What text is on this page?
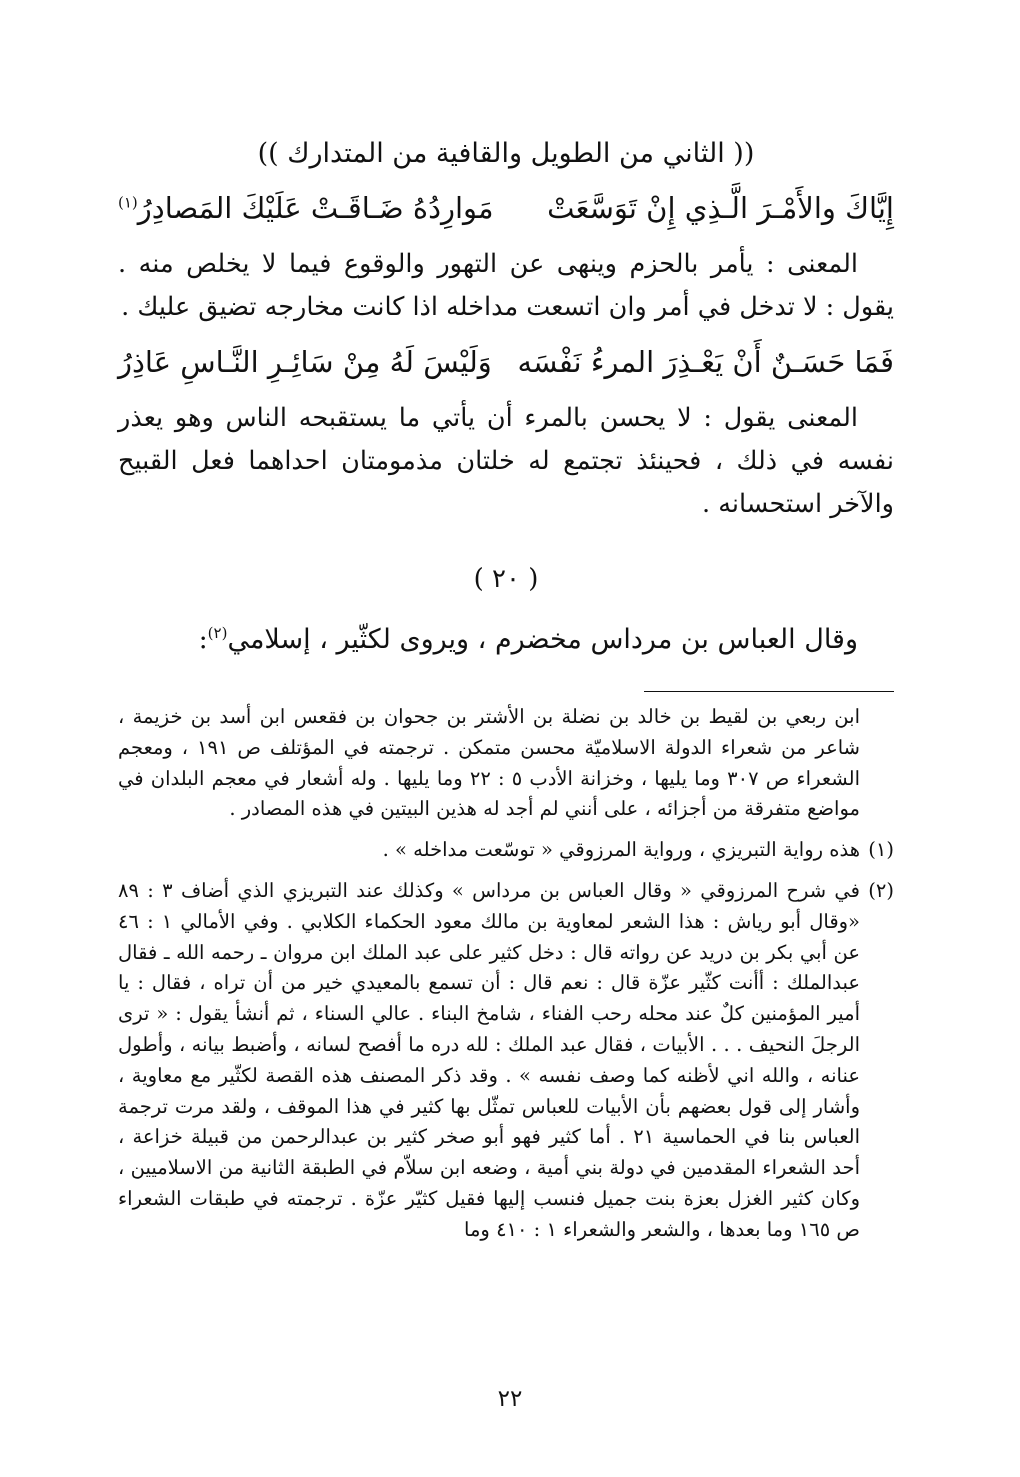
(( الثاني من الطويل والقافية من المتدارك ))
إِيَّاكَ والأَمْـرَ الَّـذِي إِنْ تَوَسَّعَتْ
مَوارِدُهُ ضَـاقَـتْ عَلَيْكَ المَصادِرُ$^{(١)}$

المعنى : يأمر بالحزم وينهى عن التهور والوقوع فيما لا يخلص منه . يقول : لا تدخل في أمر وان اتسعت مداخله اذا كانت مخارجه تضيق عليك .

فَمَا حَسَـنٌ أَنْ يَعْـذِرَ المرءُ نَفْسَه
وَلَيْسَ لَهُ مِنْ سَائِـرِ النَّـاسِ عَاذِرُ

المعنى يقول : لا يحسن بالمرء أن يأتي ما يستقبحه الناس وهو يعذر نفسه في ذلك ، فحينئذ تجتمع له خلتان مذمومتان احداهما فعل القبيح والآخر استحسانه .

( ٢٠ )

وقال العباس بن مرداس مخضرم ، ويروى لكثّير ، إسلامي$^{(٢)}$:

ابن ربعي بن لقيط بن خالد بن نضلة بن الأشتر بن جحوان بن فقعس ابن أسد بن خزيمة ، شاعر من شعراء الدولة الاسلاميّة محسن متمكن . ترجمته في المؤتلف ص ١٩١ ، ومعجم الشعراء ص ٣٠٧ وما يليها ، وخزانة الأدب ٥ : ٢٢ وما يليها . وله أشعار في معجم البلدان في مواضع متفرقة من أجزائه ، على أنني لم أجد له هذين البيتين في هذه المصادر .

(١)
هذه رواية التبريزي ، ورواية المرزوقي « توسّعت مداخله » .
(٢)
في شرح المرزوقي « وقال العباس بن مرداس » وكذلك عند التبريزي الذي أضاف ٣ : ٨٩ «وقال أبو رياش : هذا الشعر لمعاوية بن مالك معود الحكماء الكلابي . وفي الأمالي ١ : ٤٦ عن أبي بكر بن دريد عن رواته قال : دخل كثير على عبد الملك ابن مروان ـ رحمه الله ـ فقال عبدالملك : أأنت كثّير عزّة قال : نعم قال : أن تسمع بالمعيدي خير من أن تراه ، فقال : يا أمير المؤمنين كلٌ عند محله رحب الفناء ، شامخ البناء . عالي السناء ، ثم أنشأ يقول : « ترى الرجلَ النحيف . . . الأبيات ، فقال عبد الملك : لله دره ما أفصح لسانه ، وأضبط بيانه ، وأطول عنانه ، والله اني لأظنه كما وصف نفسه » . وقد ذكر المصنف هذه القصة لكثّير مع معاوية ، وأشار إلى قول بعضهم بأن الأبيات للعباس تمثّل بها كثير في هذا الموقف ، ولقد مرت ترجمة العباس بنا في الحماسية ٢١ . أما كثير فهو أبو صخر كثير بن عبدالرحمن من قبيلة خزاعة ، أحد الشعراء المقدمين في دولة بني أمية ، وضعه ابن سلاّم في الطبقة الثانية من الاسلاميين ، وكان كثير الغزل بعزة بنت جميل فنسب إليها فقيل كثيّر عزّة . ترجمته في طبقات الشعراء ص ١٦٥ وما بعدها ، والشعر والشعراء ١ : ٤١٠ وما
٢٢
